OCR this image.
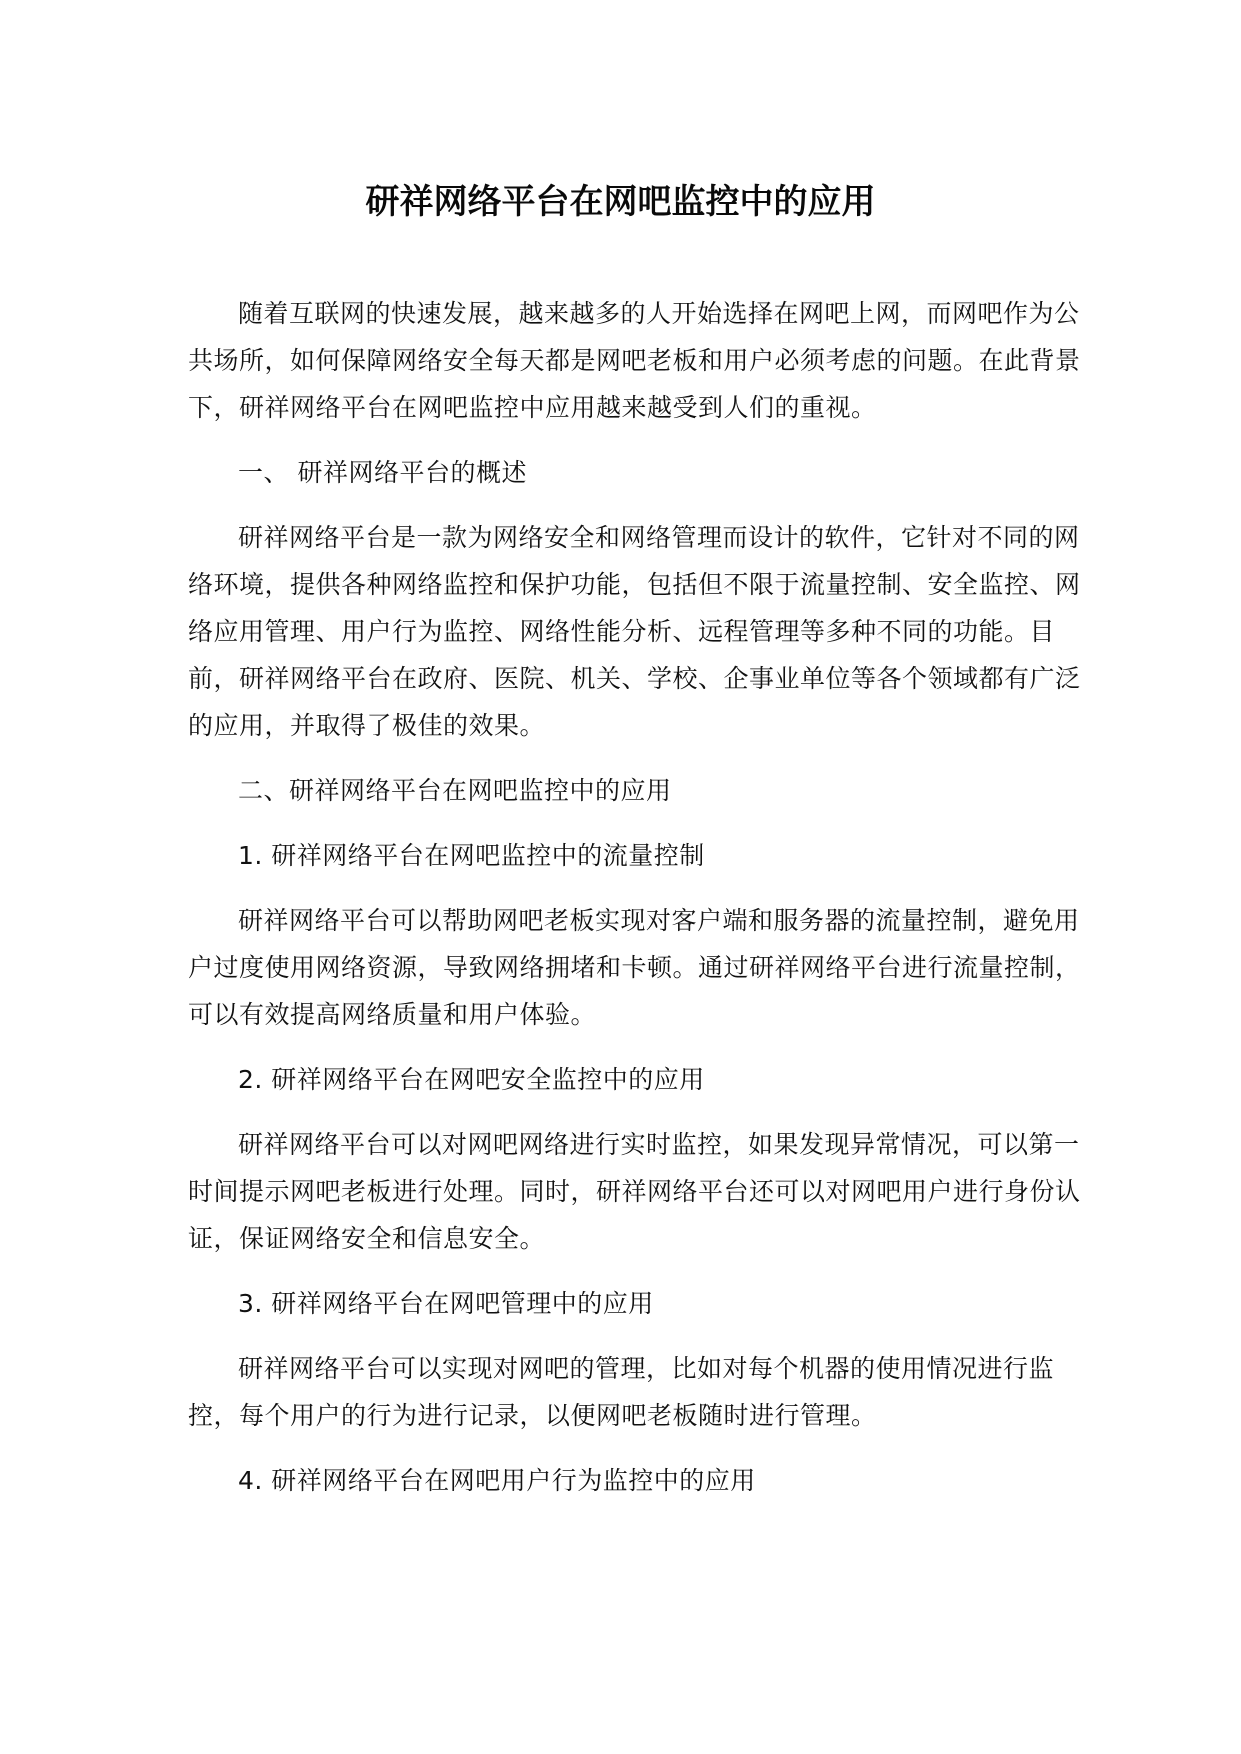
研祥网络平台在网吧监控中的应用

随着互联网的快速发展，越来越多的人开始选择在网吧上网，而网吧作为公共场所，如何保障网络安全每天都是网吧老板和用户必须考虑的问题。在此背景下，研祥网络平台在网吧监控中应用越来越受到人们的重视。

一、 研祥网络平台的概述

研祥网络平台是一款为网络安全和网络管理而设计的软件，它针对不同的网络环境，提供各种网络监控和保护功能，包括但不限于流量控制、安全监控、网络应用管理、用户行为监控、网络性能分析、远程管理等多种不同的功能。目前，研祥网络平台在政府、医院、机关、学校、企事业单位等各个领域都有广泛的应用，并取得了极佳的效果。

二、研祥网络平台在网吧监控中的应用

1. 研祥网络平台在网吧监控中的流量控制

研祥网络平台可以帮助网吧老板实现对客户端和服务器的流量控制，避免用户过度使用网络资源，导致网络拥堵和卡顿。通过研祥网络平台进行流量控制，可以有效提高网络质量和用户体验。

2. 研祥网络平台在网吧安全监控中的应用

研祥网络平台可以对网吧网络进行实时监控，如果发现异常情况，可以第一时间提示网吧老板进行处理。同时，研祥网络平台还可以对网吧用户进行身份认证，保证网络安全和信息安全。

3. 研祥网络平台在网吧管理中的应用

研祥网络平台可以实现对网吧的管理，比如对每个机器的使用情况进行监控，每个用户的行为进行记录，以便网吧老板随时进行管理。

4. 研祥网络平台在网吧用户行为监控中的应用
